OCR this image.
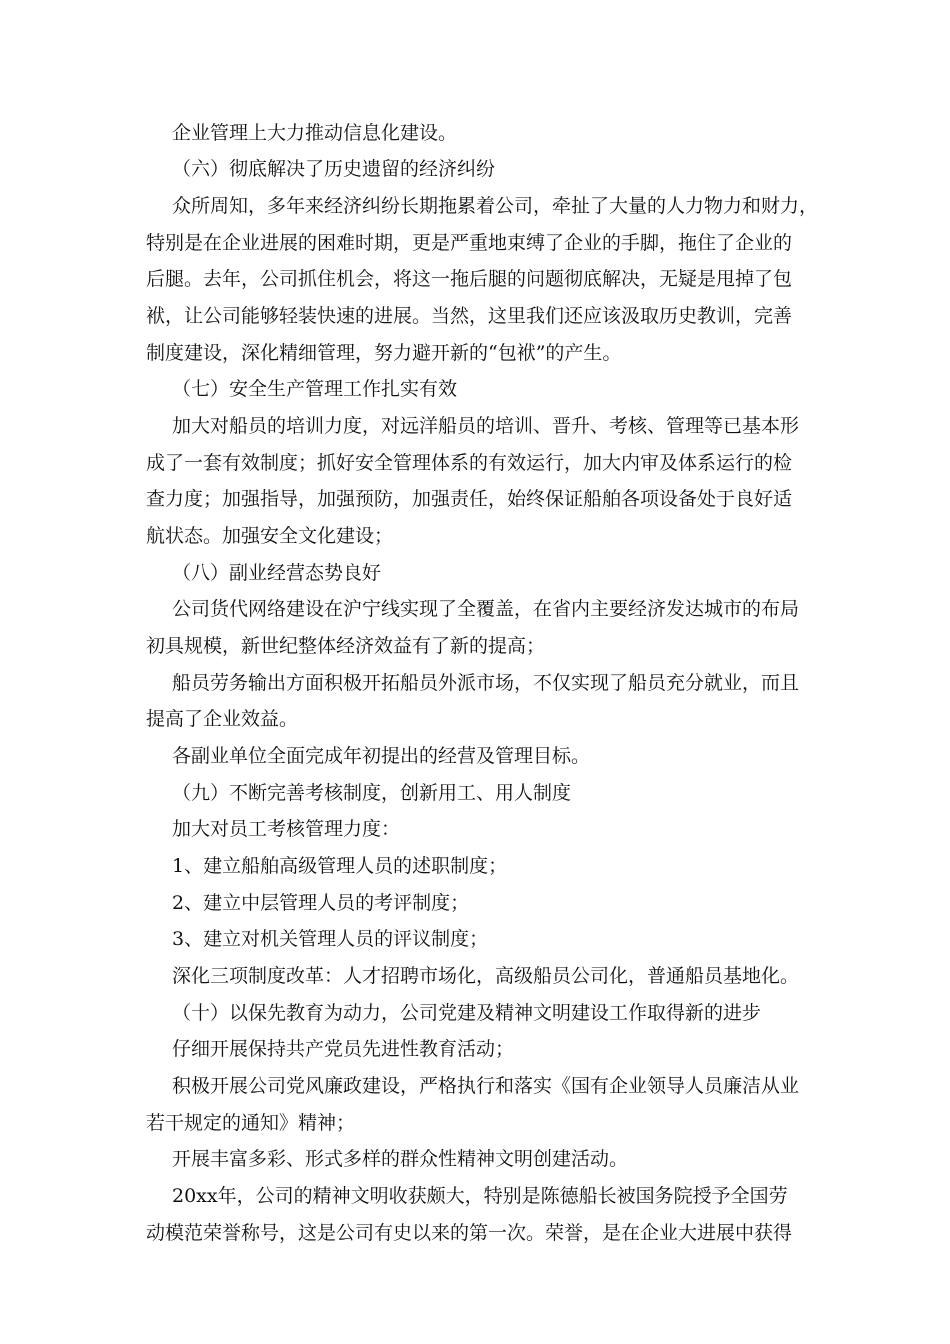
企业管理上大力推动信息化建设。

（六）彻底解决了历史遗留的经济纠纷

众所周知，多年来经济纠纷长期拖累着公司，牵扯了大量的人力物力和财力，

特别是在企业进展的困难时期，更是严重地束缚了企业的手脚，拖住了企业的

后腿。去年，公司抓住机会，将这一拖后腿的问题彻底解决，无疑是甩掉了包

袱，让公司能够轻装快速的进展。当然，这里我们还应该汲取历史教训，完善

制度建设，深化精细管理，努力避开新的“包袱”的产生。

（七）安全生产管理工作扎实有效

加大对船员的培训力度，对远洋船员的培训、晋升、考核、管理等已基本形

成了一套有效制度；抓好安全管理体系的有效运行，加大内审及体系运行的检

查力度；加强指导，加强预防，加强责任，始终保证船舶各项设备处于良好适

航状态。加强安全文化建设；

（八）副业经营态势良好

公司货代网络建设在沪宁线实现了全覆盖，在省内主要经济发达城市的布局

初具规模，新世纪整体经济效益有了新的提高；

船员劳务输出方面积极开拓船员外派市场，不仅实现了船员充分就业，而且

提高了企业效益。

各副业单位全面完成年初提出的经营及管理目标。

（九）不断完善考核制度，创新用工、用人制度

加大对员工考核管理力度：

1、建立船舶高级管理人员的述职制度；

2、建立中层管理人员的考评制度；

3、建立对机关管理人员的评议制度；

深化三项制度改革：人才招聘市场化，高级船员公司化，普通船员基地化。

（十）以保先教育为动力，公司党建及精神文明建设工作取得新的进步

仔细开展保持共产党员先进性教育活动；

积极开展公司党风廉政建设，严格执行和落实《国有企业领导人员廉洁从业

若干规定的通知》精神；

开展丰富多彩、形式多样的群众性精神文明创建活动。

20xx年，公司的精神文明收获颇大，特别是陈德船长被国务院授予全国劳

动模范荣誉称号，这是公司有史以来的第一次。荣誉，是在企业大进展中获得
